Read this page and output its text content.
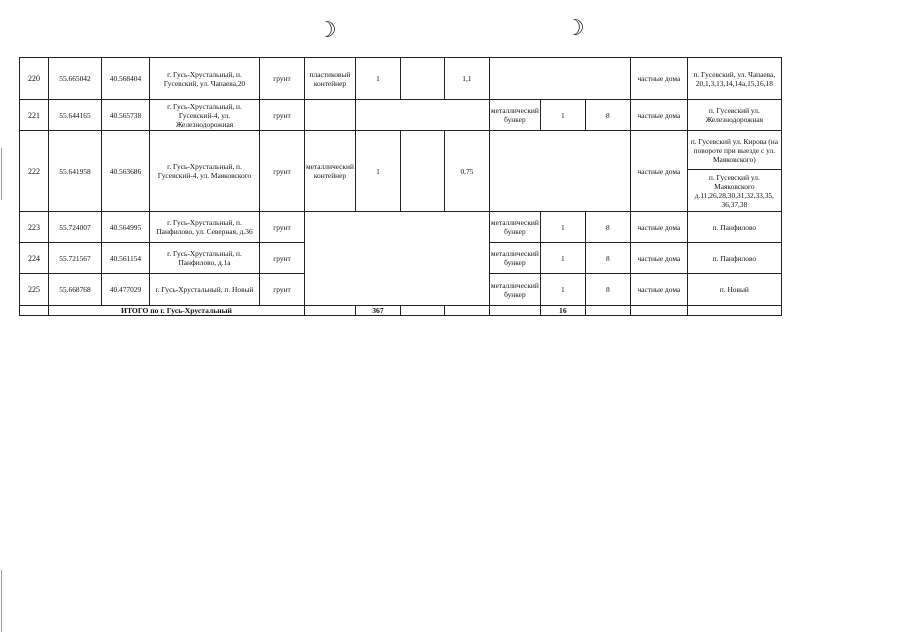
☽	☽
220	55.665042	40.568404	г. Гусь-Хрустальный, п. Гусевский, ул. Чапаева,20	грунт	пластиковый контейнер	1		1,1				частные дома	п. Гусевский, ул. Чапаева, 20,1,3,13,14,14а,15,16,18
221	55.644165	40.565738	г. Гусь-Хрустальный, п. Гусевский-4, ул. Железнодорожная	грунт					металлический бункер	1	8	частные дома	п. Гусевский ул. Железнодорожная
222	55.641958	40.563686	г. Гусь-Хрустальный, п. Гусевский-4, ул. Маяковского	грунт	металлический контейнер	1		0,75				частные дома	п. Гусевский ул. Кирова (на повороте при выезде с ул. Маяковского)
													п. Гусевский ул. Маяковского д.11,26,28,30,31,32,33,35, 36,37,38
223	55.724007	40.564995	г. Гусь-Хрустальный, п. Панфилово, ул. Северная, д.36	грунт					металлический бункер	1	8	частные дома	п. Панфилово
224	55.721567	40.561154	г. Гусь-Хрустальный, п. Панфилово, д.1а	грунт					металлический бункер	1	8	частные дома	п. Панфилово
225	55.668768	40.477029	г. Гусь-Хрустальный, п. Новый	грунт					металлический бункер	1	8	частные дома	п. Новый
	ИТОГО по г. Гусь-Хрустальный					367				16			
